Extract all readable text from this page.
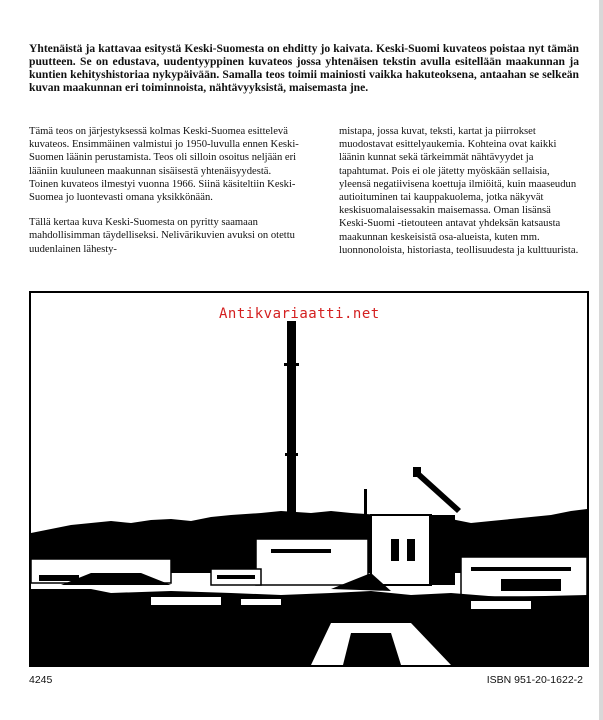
Yhtenäistä ja kattavaa esitystä Keski-Suomesta on ehditty jo kaivata. Keski-Suomi kuvateos poistaa nyt tämän puutteen. Se on edustava, uudentyyppinen kuvateos jossa yhtenäisen tekstin avulla esitellään maakunnan ja kuntien kehityshistoriaa nykypäivään. Samalla teos toimii mainiosti vaikka hakuteoksena, antaahan se selkeän kuvan maakunnan eri toiminnoista, nähtävyyksistä, maisemasta jne.

Tämä teos on järjestyksessä kolmas Keski-Suomea esittelevä kuvateos. Ensimmäinen valmistui jo 1950-luvulla ennen Keski-Suomen läänin perustamista. Teos oli silloin osoitus neljään eri lääniin kuuluneen maakunnan sisäisestä yhtenäisyydestä. Toinen kuvateos ilmestyi vuonna 1966. Siinä käsiteltiin Keski-Suomea jo luontevasti omana yksikkönään.

Tällä kertaa kuva Keski-Suomesta on pyritty saamaan mahdollisimman täydelliseksi. Nelivärikuvien avuksi on otettu uudenlainen lähesty-

mistapa, jossa kuvat, teksti, kartat ja piirrokset muodostavat esittelyaukemia. Kohteina ovat kaikki läänin kunnat sekä tärkeimmät nähtävyydet ja tapahtumat. Pois ei ole jätetty myöskään sellaisia, yleensä negatiivisena koettuja ilmiöitä, kuin maaseudun autioituminen tai kauppakuolema, jotka näkyvät keskisuomalaisessakin maisemassa. Oman lisänsä Keski-Suomi -tietouteen antavat yhdeksän katsausta maakunnan keskeisistä osa-alueista, kuten mm. luonnonoloista, historiasta, teollisuudesta ja kulttuurista.

Antikvariaatti.net
4245	ISBN 951-20-1622-2
